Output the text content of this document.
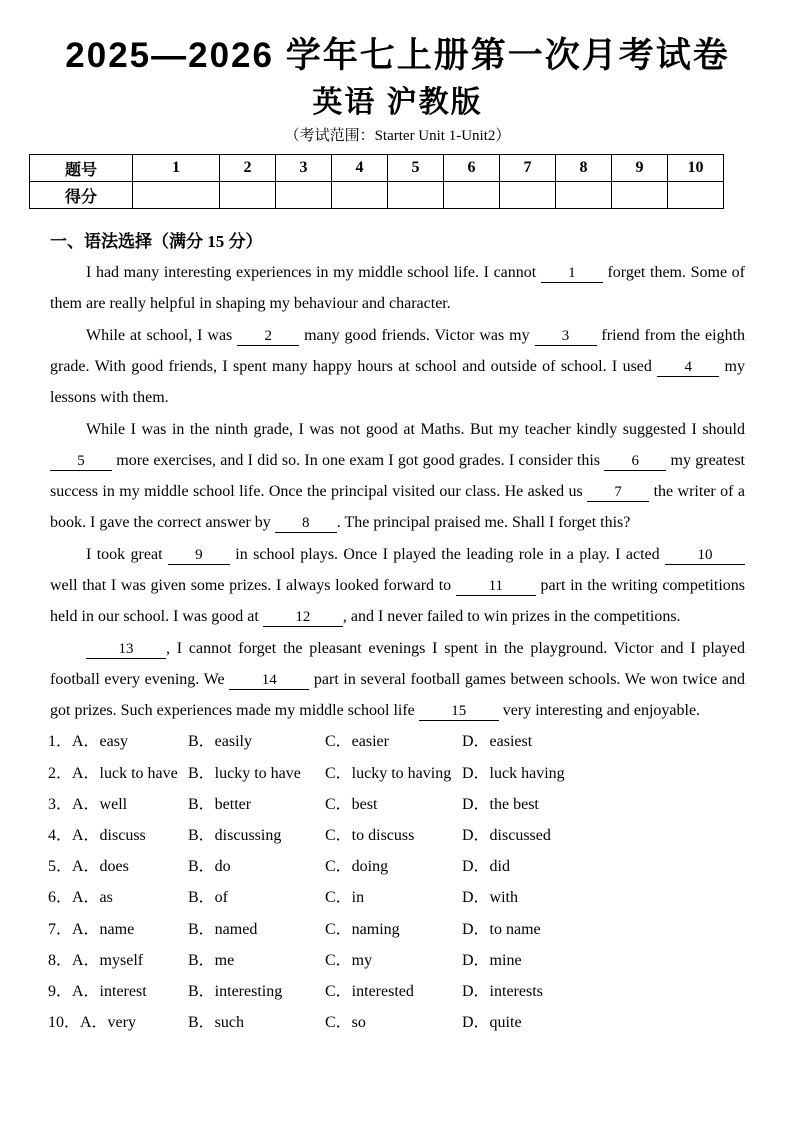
2025—2026 学年七上册第一次月考试卷
英语 沪教版
（考试范围：Starter Unit 1-Unit2）
题号	1	2	3	4	5	6	7	8	9	10
得分										
一、语法选择（满分 15 分）

I had many interesting experiences in my middle school life. I cannot 1 forget them. Some of them are really helpful in shaping my behaviour and character.

While at school, I was 2 many good friends. Victor was my 3 friend from the eighth grade. With good friends, I spent many happy hours at school and outside of school. I used 4 my lessons with them.

While I was in the ninth grade, I was not good at Maths. But my teacher kindly suggested I should 5 more exercises, and I did so. In one exam I got good grades. I consider this 6 my greatest success in my middle school life. Once the principal visited our class. He asked us 7 the writer of a book. I gave the correct answer by 8 . The principal praised me. Shall I forget this?

I took great 9 in school plays. Once I played the leading role in a play. I acted 10 well that I was given some prizes. I always looked forward to 11 part in the writing competitions held in our school. I was good at 12 , and I never failed to win prizes in the competitions.

13 , I cannot forget the pleasant evenings I spent in the playground. Victor and I played football every evening. We 14 part in several football games between schools. We won twice and got prizes. Such experiences made my middle school life 15 very interesting and enjoyable.

1．A．easy	B．easily	C．easier	D．easiest
2．A．luck to have B．lucky to have	C．lucky to having D．luck having
3．A．well	B．better	C．best	D．the best
4．A．discuss	B．discussing	C．to discuss	D．discussed
5．A．does	B．do	C．doing	D．did
6．A．as	B．of	C．in	D．with
7．A．name	B．named	C．naming	D．to name
8．A．myself	B．me	C．my	D．mine
9．A．interest	B．interesting	C．interested	D．interests
10．A．very	B．such	C．so	D．quite
